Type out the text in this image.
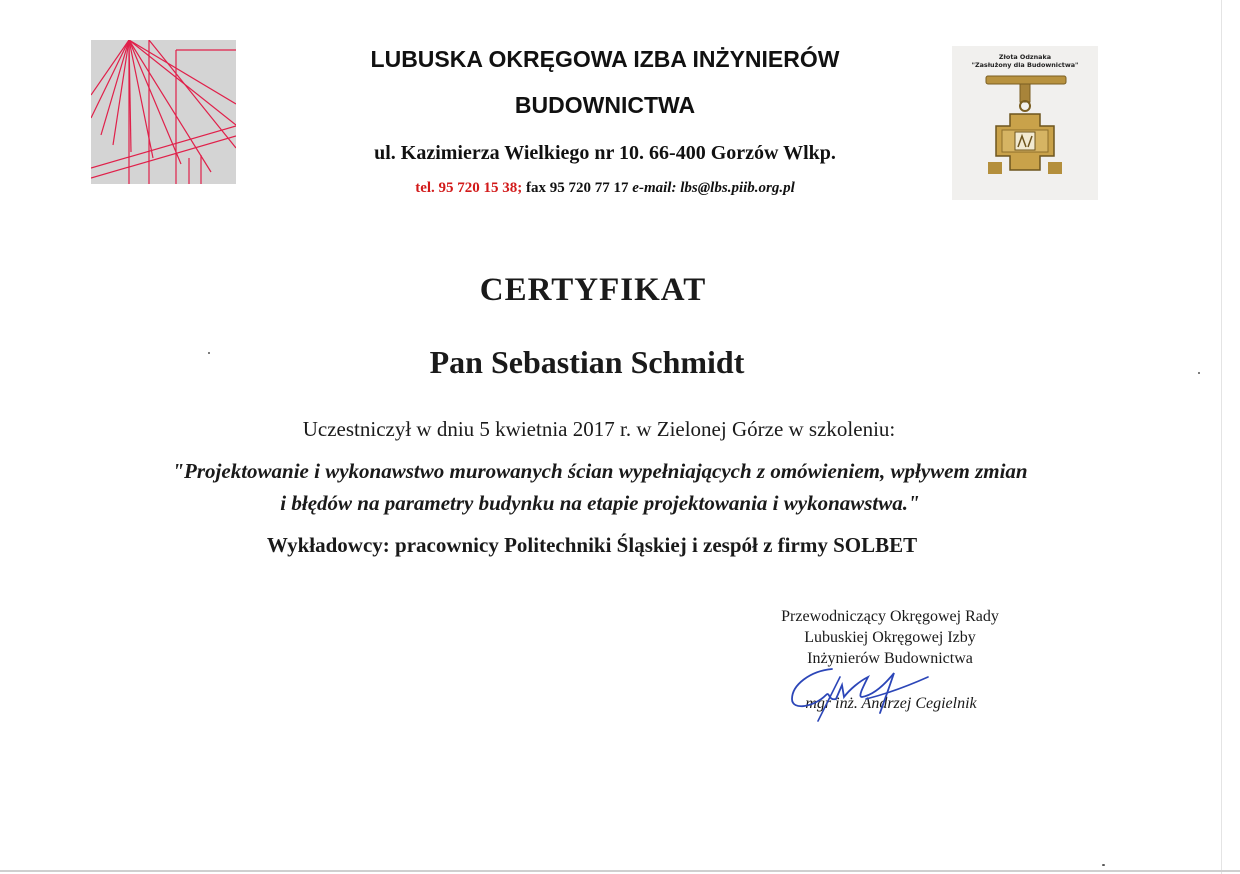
LUBUSKA OKRĘGOWA IZBA INŻYNIERÓW
BUDOWNICTWA
ul. Kazimierza Wielkiego nr 10. 66-400 Gorzów Wlkp.
tel. 95 720 15 38; fax 95 720 77 17 e-mail: lbs@lbs.piib.org.pl
Złota Odznaka
"Zasłużony dla Budownictwa"
CERTYFIKAT
Pan Sebastian Schmidt
Uczestniczył w dniu 5 kwietnia 2017 r. w Zielonej Górze w szkoleniu:
"Projektowanie i wykonawstwo murowanych ścian wypełniających z omówieniem, wpływem zmian
i błędów na parametry budynku na etapie projektowania i wykonawstwa."
Wykładowcy: pracownicy Politechniki Śląskiej i zespół z firmy SOLBET
Przewodniczący Okręgowej Rady
Lubuskiej Okręgowej Izby
Inżynierów Budownictwa
mgr inż. Andrzej Cegielnik
